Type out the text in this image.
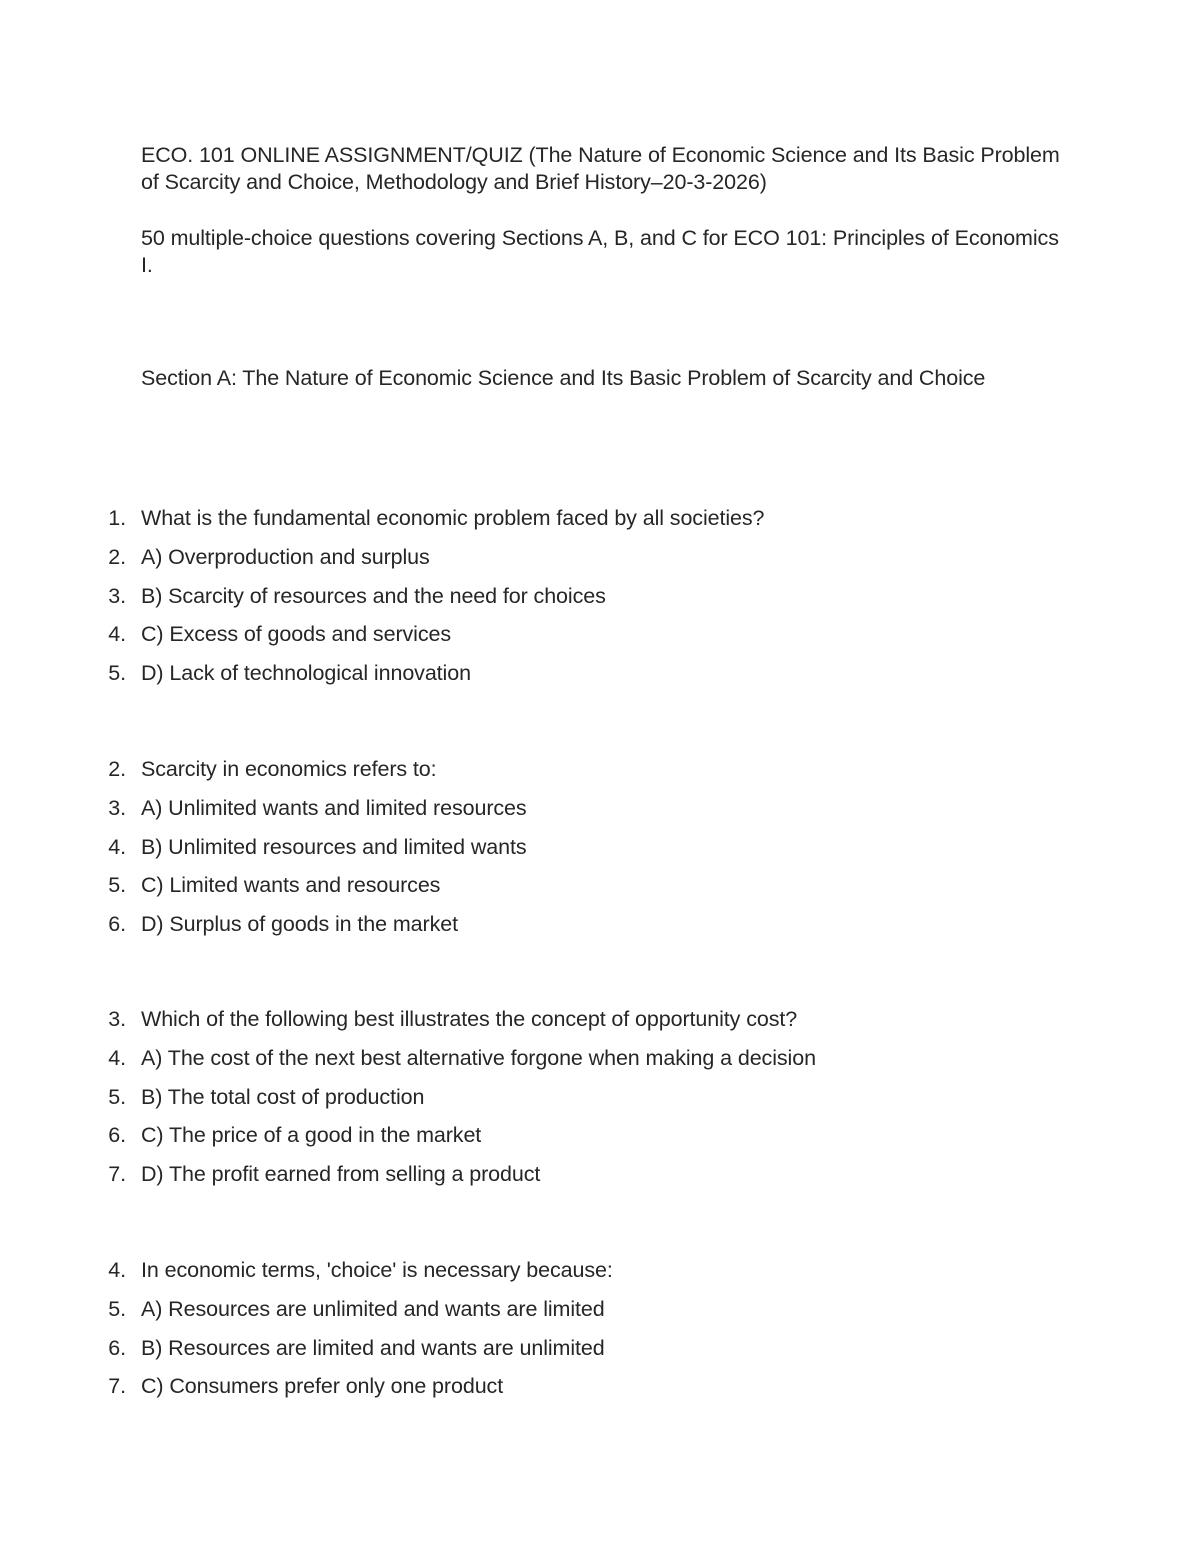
ECO. 101 ONLINE ASSIGNMENT/QUIZ (The Nature of Economic Science and Its Basic Problem of Scarcity and Choice, Methodology and Brief History–20-3-2026)

50 multiple-choice questions covering Sections A, B, and C for ECO 101: Principles of Economics I.

Section A: The Nature of Economic Science and Its Basic Problem of Scarcity and Choice

1. What is the fundamental economic problem faced by all societies?
2. A) Overproduction and surplus
3. B) Scarcity of resources and the need for choices
4. C) Excess of goods and services
5. D) Lack of technological innovation
2. Scarcity in economics refers to:
3. A) Unlimited wants and limited resources
4. B) Unlimited resources and limited wants
5. C) Limited wants and resources
6. D) Surplus of goods in the market
3. Which of the following best illustrates the concept of opportunity cost?
4. A) The cost of the next best alternative forgone when making a decision
5. B) The total cost of production
6. C) The price of a good in the market
7. D) The profit earned from selling a product
4. In economic terms, 'choice' is necessary because:
5. A) Resources are unlimited and wants are limited
6. B) Resources are limited and wants are unlimited
7. C) Consumers prefer only one product
